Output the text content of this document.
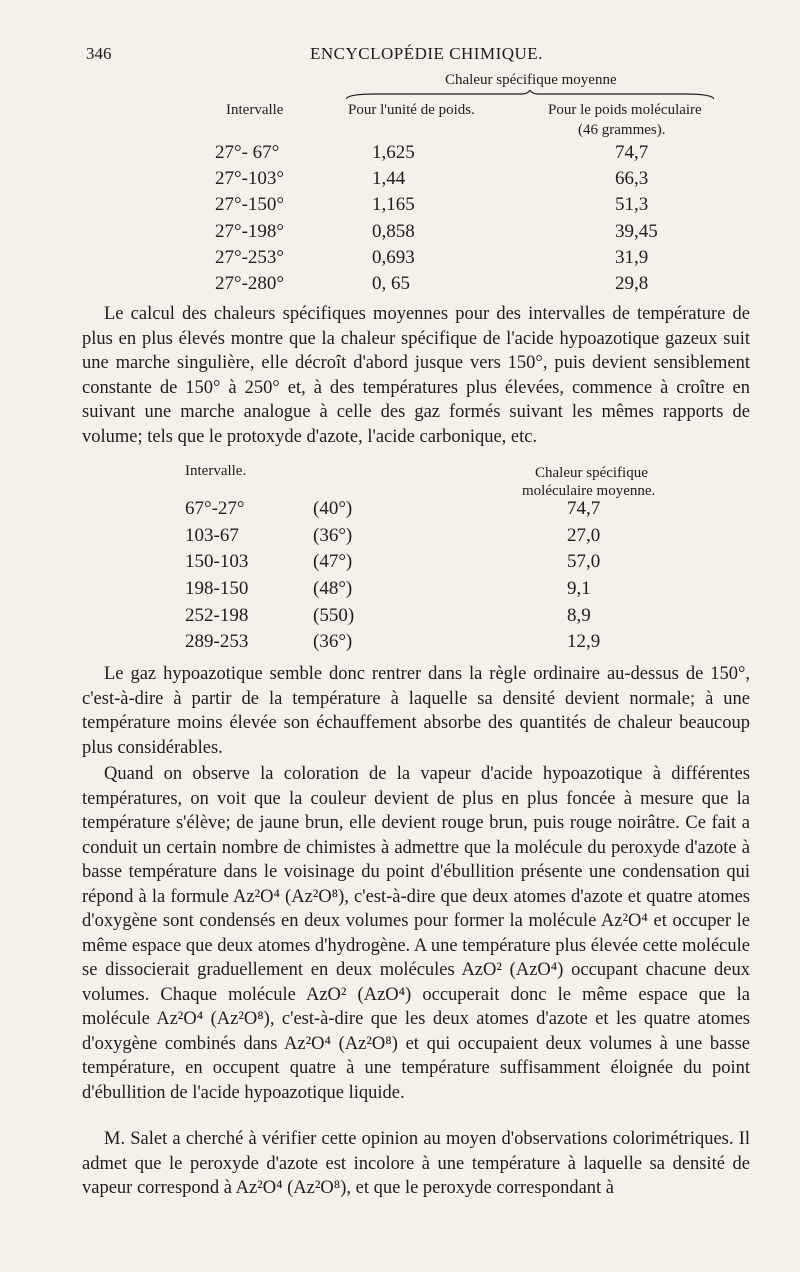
346	ENCYCLOPÉDIE CHIMIQUE.
Chaleur spécifique moyenne
Intervalle	Pour l'unité de poids.	Pour le poids moléculaire
(46 grammes).
27°- 67°	1,625	74,7
27°-103°	1,44	66,3
27°-150°	1,165	51,3
27°-198°	0,858	39,45
27°-253°	0,693	31,9
27°-280°	0, 65	29,8

Le calcul des chaleurs spécifiques moyennes pour des intervalles de température de plus en plus élevés montre que la chaleur spécifique de l'acide hypoazotique gazeux suit une marche singulière, elle décroît d'abord jusque vers 150°, puis devient sensiblement constante de 150° à 250° et, à des températures plus élevées, commence à croître en suivant une marche analogue à celle des gaz formés suivant les mêmes rapports de volume; tels que le protoxyde d'azote, l'acide carbonique, etc.

Intervalle.	Chaleur spécifique
moléculaire moyenne.
67°-27°	(40°)	74,7
103-67	(36°)	27,0
150-103	(47°)	57,0
198-150	(48°)	9,1
252-198	(550)	8,9
289-253	(36°)	12,9

Le gaz hypoazotique semble donc rentrer dans la règle ordinaire au-dessus de 150°, c'est-à-dire à partir de la température à laquelle sa densité devient normale; à une température moins élevée son échauffement absorbe des quantités de chaleur beaucoup plus considérables.

Quand on observe la coloration de la vapeur d'acide hypoazotique à différentes températures, on voit que la couleur devient de plus en plus foncée à mesure que la température s'élève; de jaune brun, elle devient rouge brun, puis rouge noirâtre. Ce fait a conduit un certain nombre de chimistes à admettre que la molécule du peroxyde d'azote à basse température dans le voisinage du point d'ébullition présente une condensation qui répond à la formule Az²O⁴ (Az²O⁸), c'est-à-dire que deux atomes d'azote et quatre atomes d'oxygène sont condensés en deux volumes pour former la molécule Az²O⁴ et occuper le même espace que deux atomes d'hydrogène. A une température plus élevée cette molécule se dissocierait graduellement en deux molécules AzO² (AzO⁴) occupant chacune deux volumes. Chaque molécule AzO² (AzO⁴) occuperait donc le même espace que la molécule Az²O⁴ (Az²O⁸), c'est-à-dire que les deux atomes d'azote et les quatre atomes d'oxygène combinés dans Az²O⁴ (Az²O⁸) et qui occupaient deux volumes à une basse température, en occupent quatre à une température suffisamment éloignée du point d'ébullition de l'acide hypoazotique liquide.

M. Salet a cherché à vérifier cette opinion au moyen d'observations colorimétriques. Il admet que le peroxyde d'azote est incolore à une température à laquelle sa densité de vapeur correspond à Az²O⁴ (Az²O⁸), et que le peroxyde correspondant à
